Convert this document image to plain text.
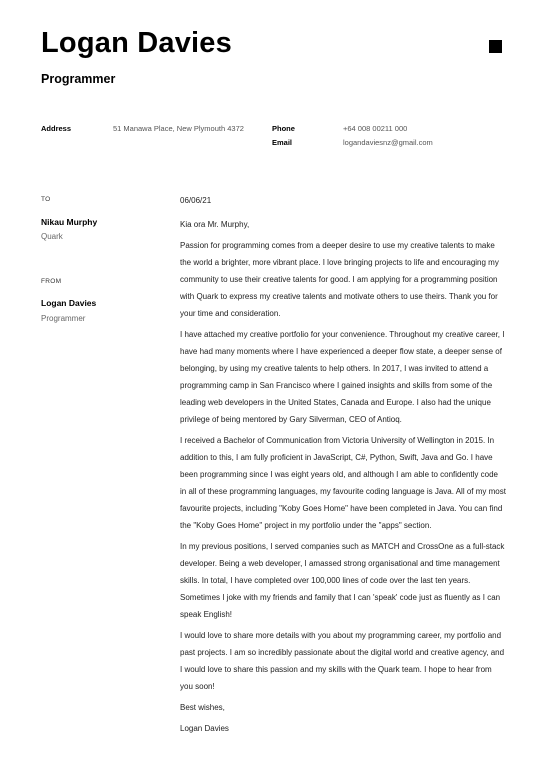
Logan Davies
Programmer
Address	51 Manawa Place, New Plymouth 4372	Phone	+64 008 00211 000
Email	logandaviesnz@gmail.com
TO
Nikau Murphy
Quark
FROM
Logan Davies
Programmer

06/06/21

Kia ora Mr. Murphy,

Passion for programming comes from a deeper desire to use my creative talents to make the world a brighter, more vibrant place. I love bringing projects to life and encouraging my community to use their creative talents for good. I am applying for a programming position with Quark to express my creative talents and motivate others to use theirs. Thank you for your time and consideration.

I have attached my creative portfolio for your convenience. Throughout my creative career, I have had many moments where I have experienced a deeper flow state, a deeper sense of belonging, by using my creative talents to help others. In 2017, I was invited to attend a programming camp in San Francisco where I gained insights and skills from some of the leading web developers in the United States, Canada and Europe. I also had the unique privilege of being mentored by Gary Silverman, CEO of Antioq.

I received a Bachelor of Communication from Victoria University of Wellington in 2015. In addition to this, I am fully proficient in JavaScript, C#, Python, Swift, Java and Go. I have been programming since I was eight years old, and although I am able to confidently code in all of these programming languages, my favourite coding language is Java. All of my most favourite projects, including "Koby Goes Home" have been completed in Java. You can find the "Koby Goes Home" project in my portfolio under the "apps" section.

In my previous positions, I served companies such as MATCH and CrossOne as a full-stack developer. Being a web developer, I amassed strong organisational and time management skills. In total, I have completed over 100,000 lines of code over the last ten years. Sometimes I joke with my friends and family that I can 'speak' code just as fluently as I can speak English!

I would love to share more details with you about my programming career, my portfolio and past projects. I am so incredibly passionate about the digital world and creative agency, and I would love to share this passion and my skills with the Quark team. I hope to hear from you soon!

Best wishes,

Logan Davies
